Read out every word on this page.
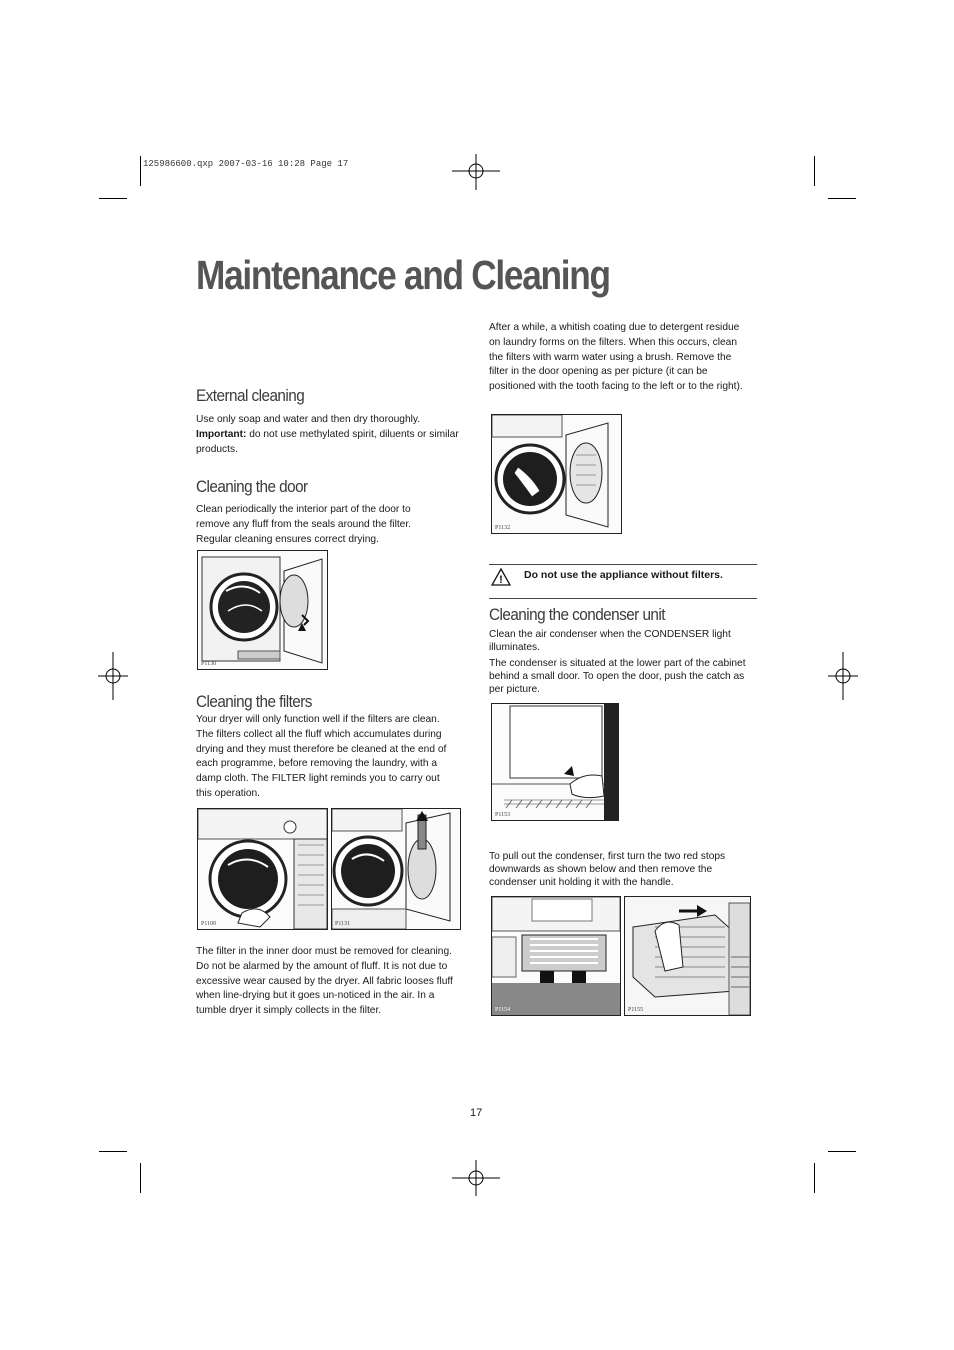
125986600.qxp 2007-03-16 10:28 Page 17
Maintenance and Cleaning
External cleaning

Use only soap and water and then dry thoroughly.
Important: do not use methylated spirit, diluents or similar products.

Cleaning the door
Clean periodically the interior part of the door to remove any fluff from the seals around the filter. Regular cleaning ensures correct drying.
P1130
Cleaning the filters
Your dryer will only function well if the filters are clean. The filters collect all the fluff which accumulates during drying and they must therefore be cleaned at the end of each programme, before removing the laundry, with a damp cloth. The FILTER light reminds you to carry out this operation.
P1100	P1131
The filter in the inner door must be removed for cleaning. Do not be alarmed by the amount of fluff. It is not due to excessive wear caused by the dryer. All fabric looses fluff when line-drying but it goes un-noticed in the air. In a tumble dryer it simply collects in the filter.
After a while, a whitish coating due to detergent residue on laundry forms on the filters. When this occurs, clean the filters with warm water using a brush. Remove the filter in the door opening as per picture (it can be positioned with the tooth facing to the left or to the right).
P1132
! Do not use the appliance without filters.
Cleaning the condenser unit
Clean the air condenser when the CONDENSER light illuminates.
The condenser is situated at the lower part of the cabinet behind a small door. To open the door, push the catch as per picture.
P1153
To pull out the condenser, first turn the two red stops downwards as shown below and then remove the condenser unit holding it with the handle.
P1154	P1155
17
